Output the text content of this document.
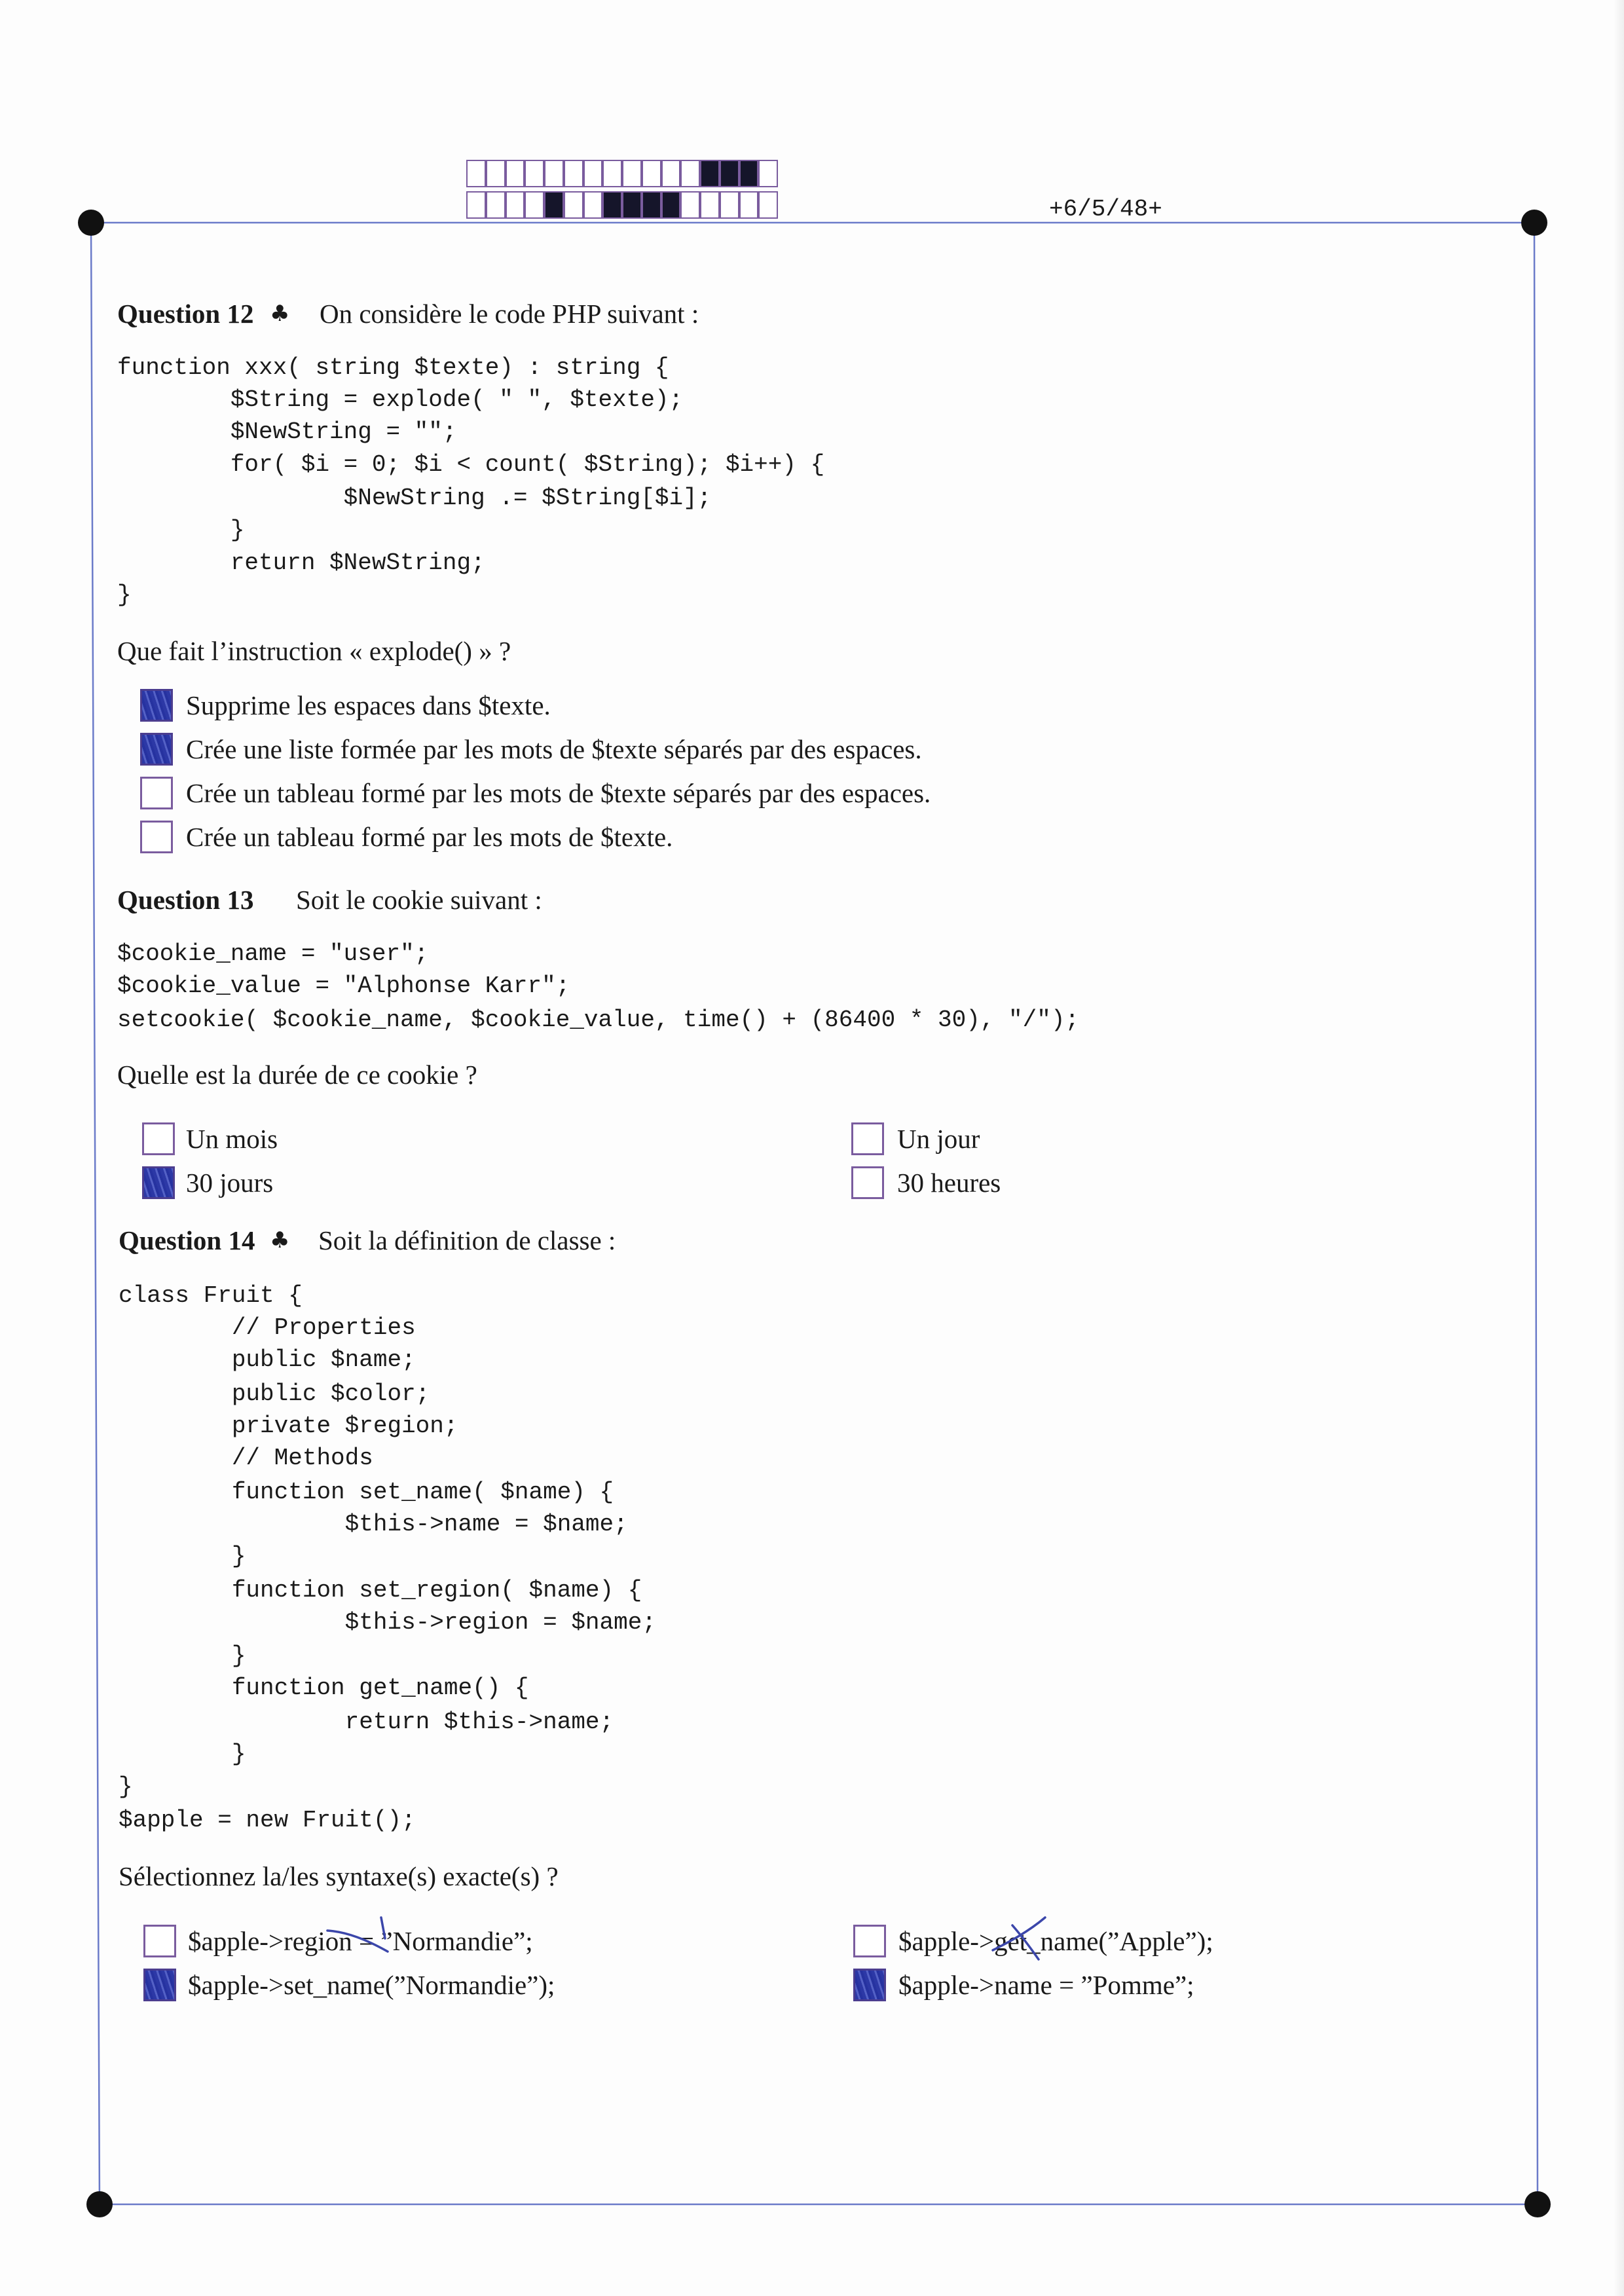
+6/5/48+
Question 12 ♣ On considère le code PHP suivant :
function xxx( string $texte) : string {
$String = explode( " ", $texte);
$NewString = "";
for( $i = 0; $i < count( $String); $i++) {
$NewString .= $String[$i];
}
return $NewString;
}
Que fait l’instruction « explode() » ?
Supprime les espaces dans $texte.
Crée une liste formée par les mots de $texte séparés par des espaces.
Crée un tableau formé par les mots de $texte séparés par des espaces.
Crée un tableau formé par les mots de $texte.
Question 13 Soit le cookie suivant :
$cookie_name = "user";
$cookie_value = "Alphonse Karr";
setcookie( $cookie_name, $cookie_value, time() + (86400 * 30), "/");
Quelle est la durée de ce cookie ?
Un mois
30 jours
Un jour
30 heures
Question 14 ♣ Soit la définition de classe :
class Fruit {
// Properties
public $name;
public $color;
private $region;
// Methods
function set_name( $name) {
$this->name = $name;
}
function set_region( $name) {
$this->region = $name;
}
function get_name() {
return $this->name;
}
}
$apple = new Fruit();
Sélectionnez la/les syntaxe(s) exacte(s) ?
$apple->region = ”Normandie”;
$apple->set_name(”Normandie”);
$apple->get_name(”Apple”);
$apple->name = ”Pomme”;
